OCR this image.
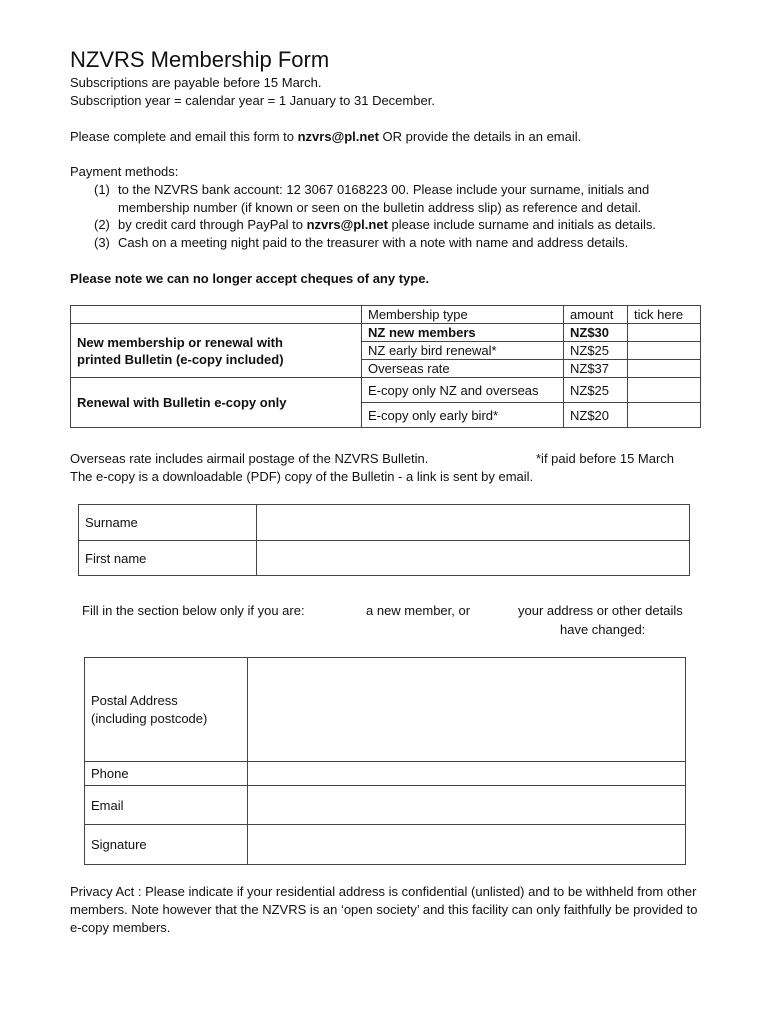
NZVRS Membership Form
Subscriptions are payable before 15 March.
Subscription year = calendar year = 1 January to 31 December.
Please complete and email this form to nzvrs@pl.net OR provide the details in an email.
Payment methods:
(1) to the NZVRS bank account: 12 3067 0168223 00. Please include your surname, initials and membership number (if known or seen on the bulletin address slip) as reference and detail.
(2) by credit card through PayPal to nzvrs@pl.net please include surname and initials as details.
(3) Cash on a meeting night paid to the treasurer with a note with name and address details.
Please note we can no longer accept cheques of any type.
	Membership type	amount	tick here

New membership or renewal with printed Bulletin (e-copy included)	NZ new members	NZ$30	
	NZ early bird renewal*	NZ$25	
	Overseas rate	NZ$37	
Renewal with Bulletin e-copy only	E-copy only NZ and overseas	NZ$25	
	E-copy only early bird*	NZ$20	
Overseas rate includes airmail postage of the NZVRS Bulletin.	*if paid before 15 March
The e-copy is a downloadable (PDF) copy of the Bulletin - a link is sent by email.
Surname	
First name	
Fill in the section below only if you are:	a new member, or	your address or other details
have changed:
Postal Address
(including postcode)	

Phone	
Email	
Signature	
Privacy Act : Please indicate if your residential address is confidential (unlisted) and to be withheld from other members. Note however that the NZVRS is an ‘open society’ and this facility can only faithfully be provided to e-copy members.
